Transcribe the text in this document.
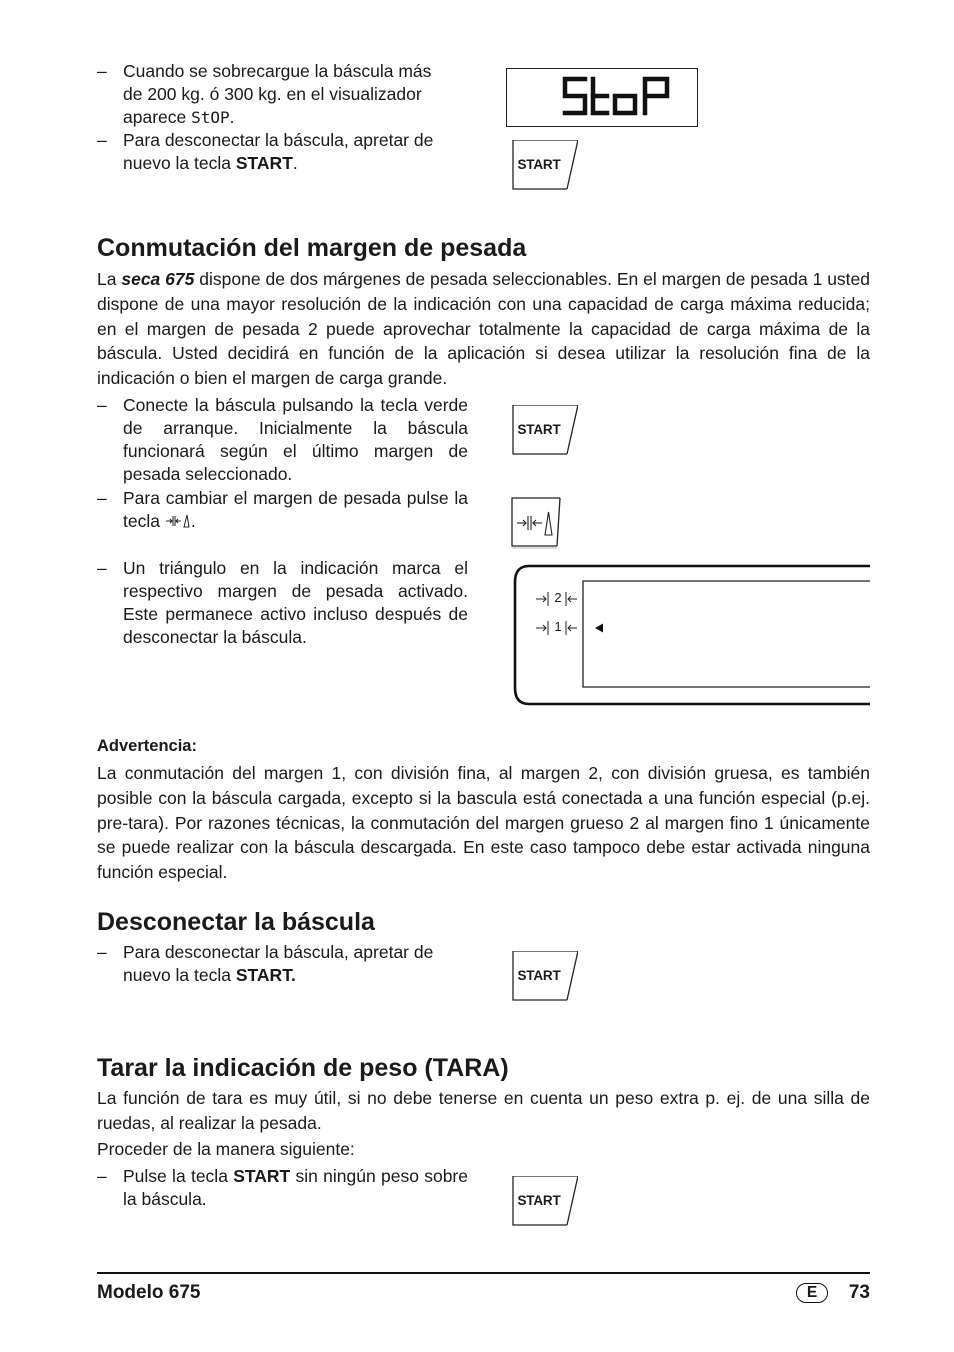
– Cuando se sobrecargue la báscula más
de 200 kg. ó 300 kg. en el visualizador
aparece StOP.
– Para desconectar la báscula, apretar de
nuevo la tecla START.	START
Conmutación del margen de pesada
La seca 675 dispone de dos márgenes de pesada seleccionables. En el margen de pesada 1 usted dispone de una mayor resolución de la indicación con una capacidad de carga máxima reducida; en el margen de pesada 2 puede aprovechar totalmente la capacidad de carga máxima de la báscula. Usted decidirá en función de la aplicación si desea utilizar la resolución fina de la indicación o bien el margen de carga grande.
– Conecte la báscula pulsando la tecla verde de arranque. Inicialmente la báscula funcionará según el último margen de pesada seleccionado.
– Para cambiar el margen de pesada pulse la tecla .
– Un triángulo en la indicación marca el respectivo margen de pesada activado. Este permanece activo incluso después de desconectar la báscula.
START
2
1
Advertencia:
La conmutación del margen 1, con división fina, al margen 2, con división gruesa, es también posible con la báscula cargada, excepto si la bascula está conectada a una función especial (p.ej. pre-tara). Por razones técnicas, la conmutación del margen grueso 2 al margen fino 1 únicamente se puede realizar con la báscula descargada. En este caso tampoco debe estar activada ninguna función especial.
Desconectar la báscula
– Para desconectar la báscula, apretar de
nuevo la tecla START.	START
Tarar la indicación de peso (TARA)
La función de tara es muy útil, si no debe tenerse en cuenta un peso extra p. ej. de una silla de ruedas, al realizar la pesada.
Proceder de la manera siguiente:
– Pulse la tecla START sin ningún peso sobre la báscula.	START
Modelo 675	E	73
